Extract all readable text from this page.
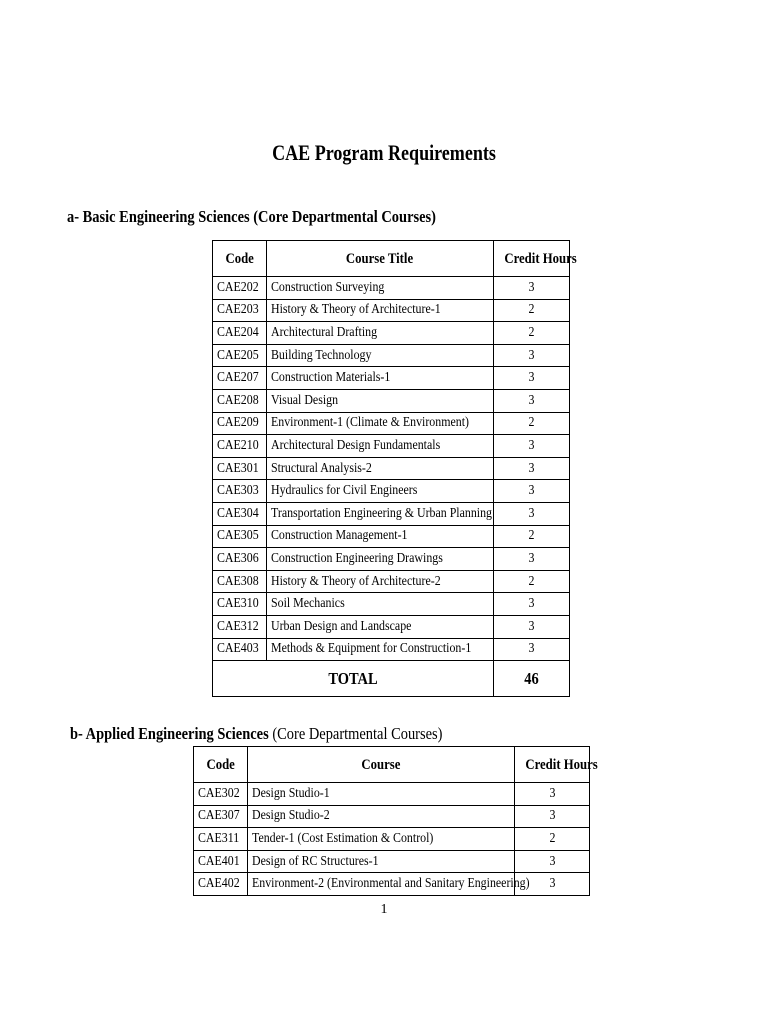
CAE Program Requirements
a- Basic Engineering Sciences (Core Departmental Courses)
Code	Course Title	Credit Hours
CAE202	Construction Surveying	3
CAE203	History & Theory of Architecture-1	2
CAE204	Architectural Drafting	2
CAE205	Building Technology	3
CAE207	Construction Materials-1	3
CAE208	Visual Design	3
CAE209	Environment-1 (Climate & Environment)	2
CAE210	Architectural Design Fundamentals	3
CAE301	Structural Analysis-2	3
CAE303	Hydraulics for Civil Engineers	3
CAE304	Transportation Engineering & Urban Planning	3
CAE305	Construction Management-1	2
CAE306	Construction Engineering Drawings	3
CAE308	History & Theory of Architecture-2	2
CAE310	Soil Mechanics	3
CAE312	Urban Design and Landscape	3
CAE403	Methods & Equipment for Construction-1	3
TOTAL		46
b- Applied Engineering Sciences (Core Departmental Courses)
Code	Course	Credit Hours
CAE302	Design Studio-1	3
CAE307	Design Studio-2	3
CAE311	Tender-1 (Cost Estimation & Control)	2
CAE401	Design of RC Structures-1	3
CAE402	Environment-2 (Environmental and Sanitary Engineering)	3
1
